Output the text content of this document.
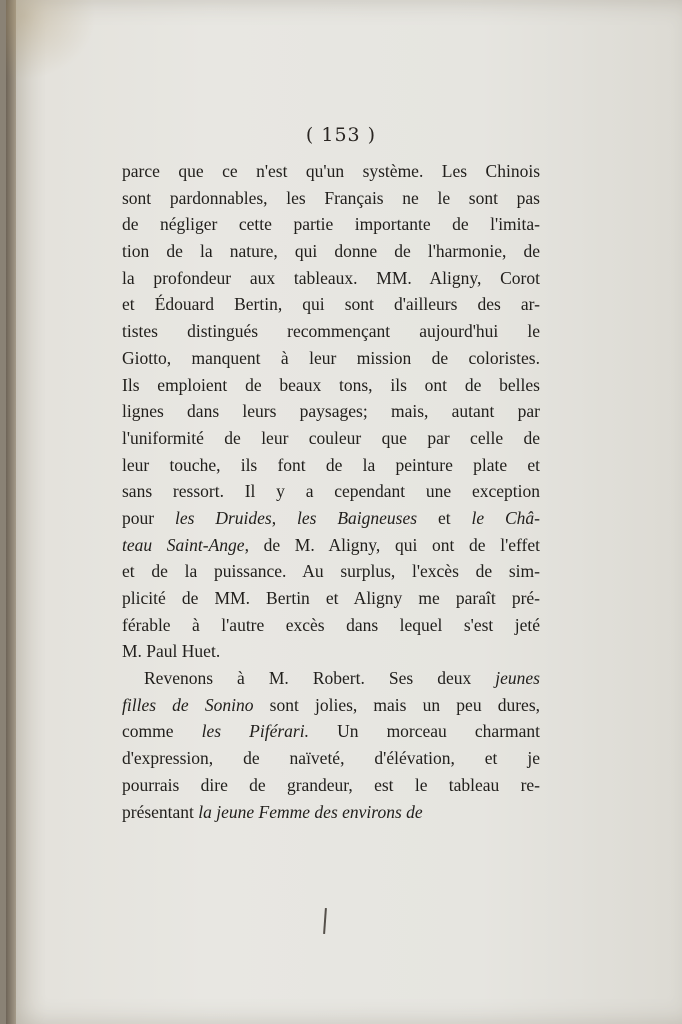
( 153 )
parce que ce n'est qu'un système. Les Chinois
sont pardonnables, les Français ne le sont pas
de négliger cette partie importante de l'imita-
tion de la nature, qui donne de l'harmonie, de
la profondeur aux tableaux. MM. Aligny, Corot
et Édouard Bertin, qui sont d'ailleurs des ar-
tistes distingués recommençant aujourd'hui le
Giotto, manquent à leur mission de coloristes.
Ils emploient de beaux tons, ils ont de belles
lignes dans leurs paysages; mais, autant par
l'uniformité de leur couleur que par celle de
leur touche, ils font de la peinture plate et
sans ressort. Il y a cependant une exception
pour les Druides, les Baigneuses et le Châ-
teau Saint-Ange, de M. Aligny, qui ont de l'effet
et de la puissance. Au surplus, l'excès de sim-
plicité de MM. Bertin et Aligny me paraît pré-
férable à l'autre excès dans lequel s'est jeté
M. Paul Huet.
Revenons à M. Robert. Ses deux jeunes
filles de Sonino sont jolies, mais un peu dures,
comme les Piférari. Un morceau charmant
d'expression, de naïveté, d'élévation, et je
pourrais dire de grandeur, est le tableau re-
présentant la jeune Femme des environs de
